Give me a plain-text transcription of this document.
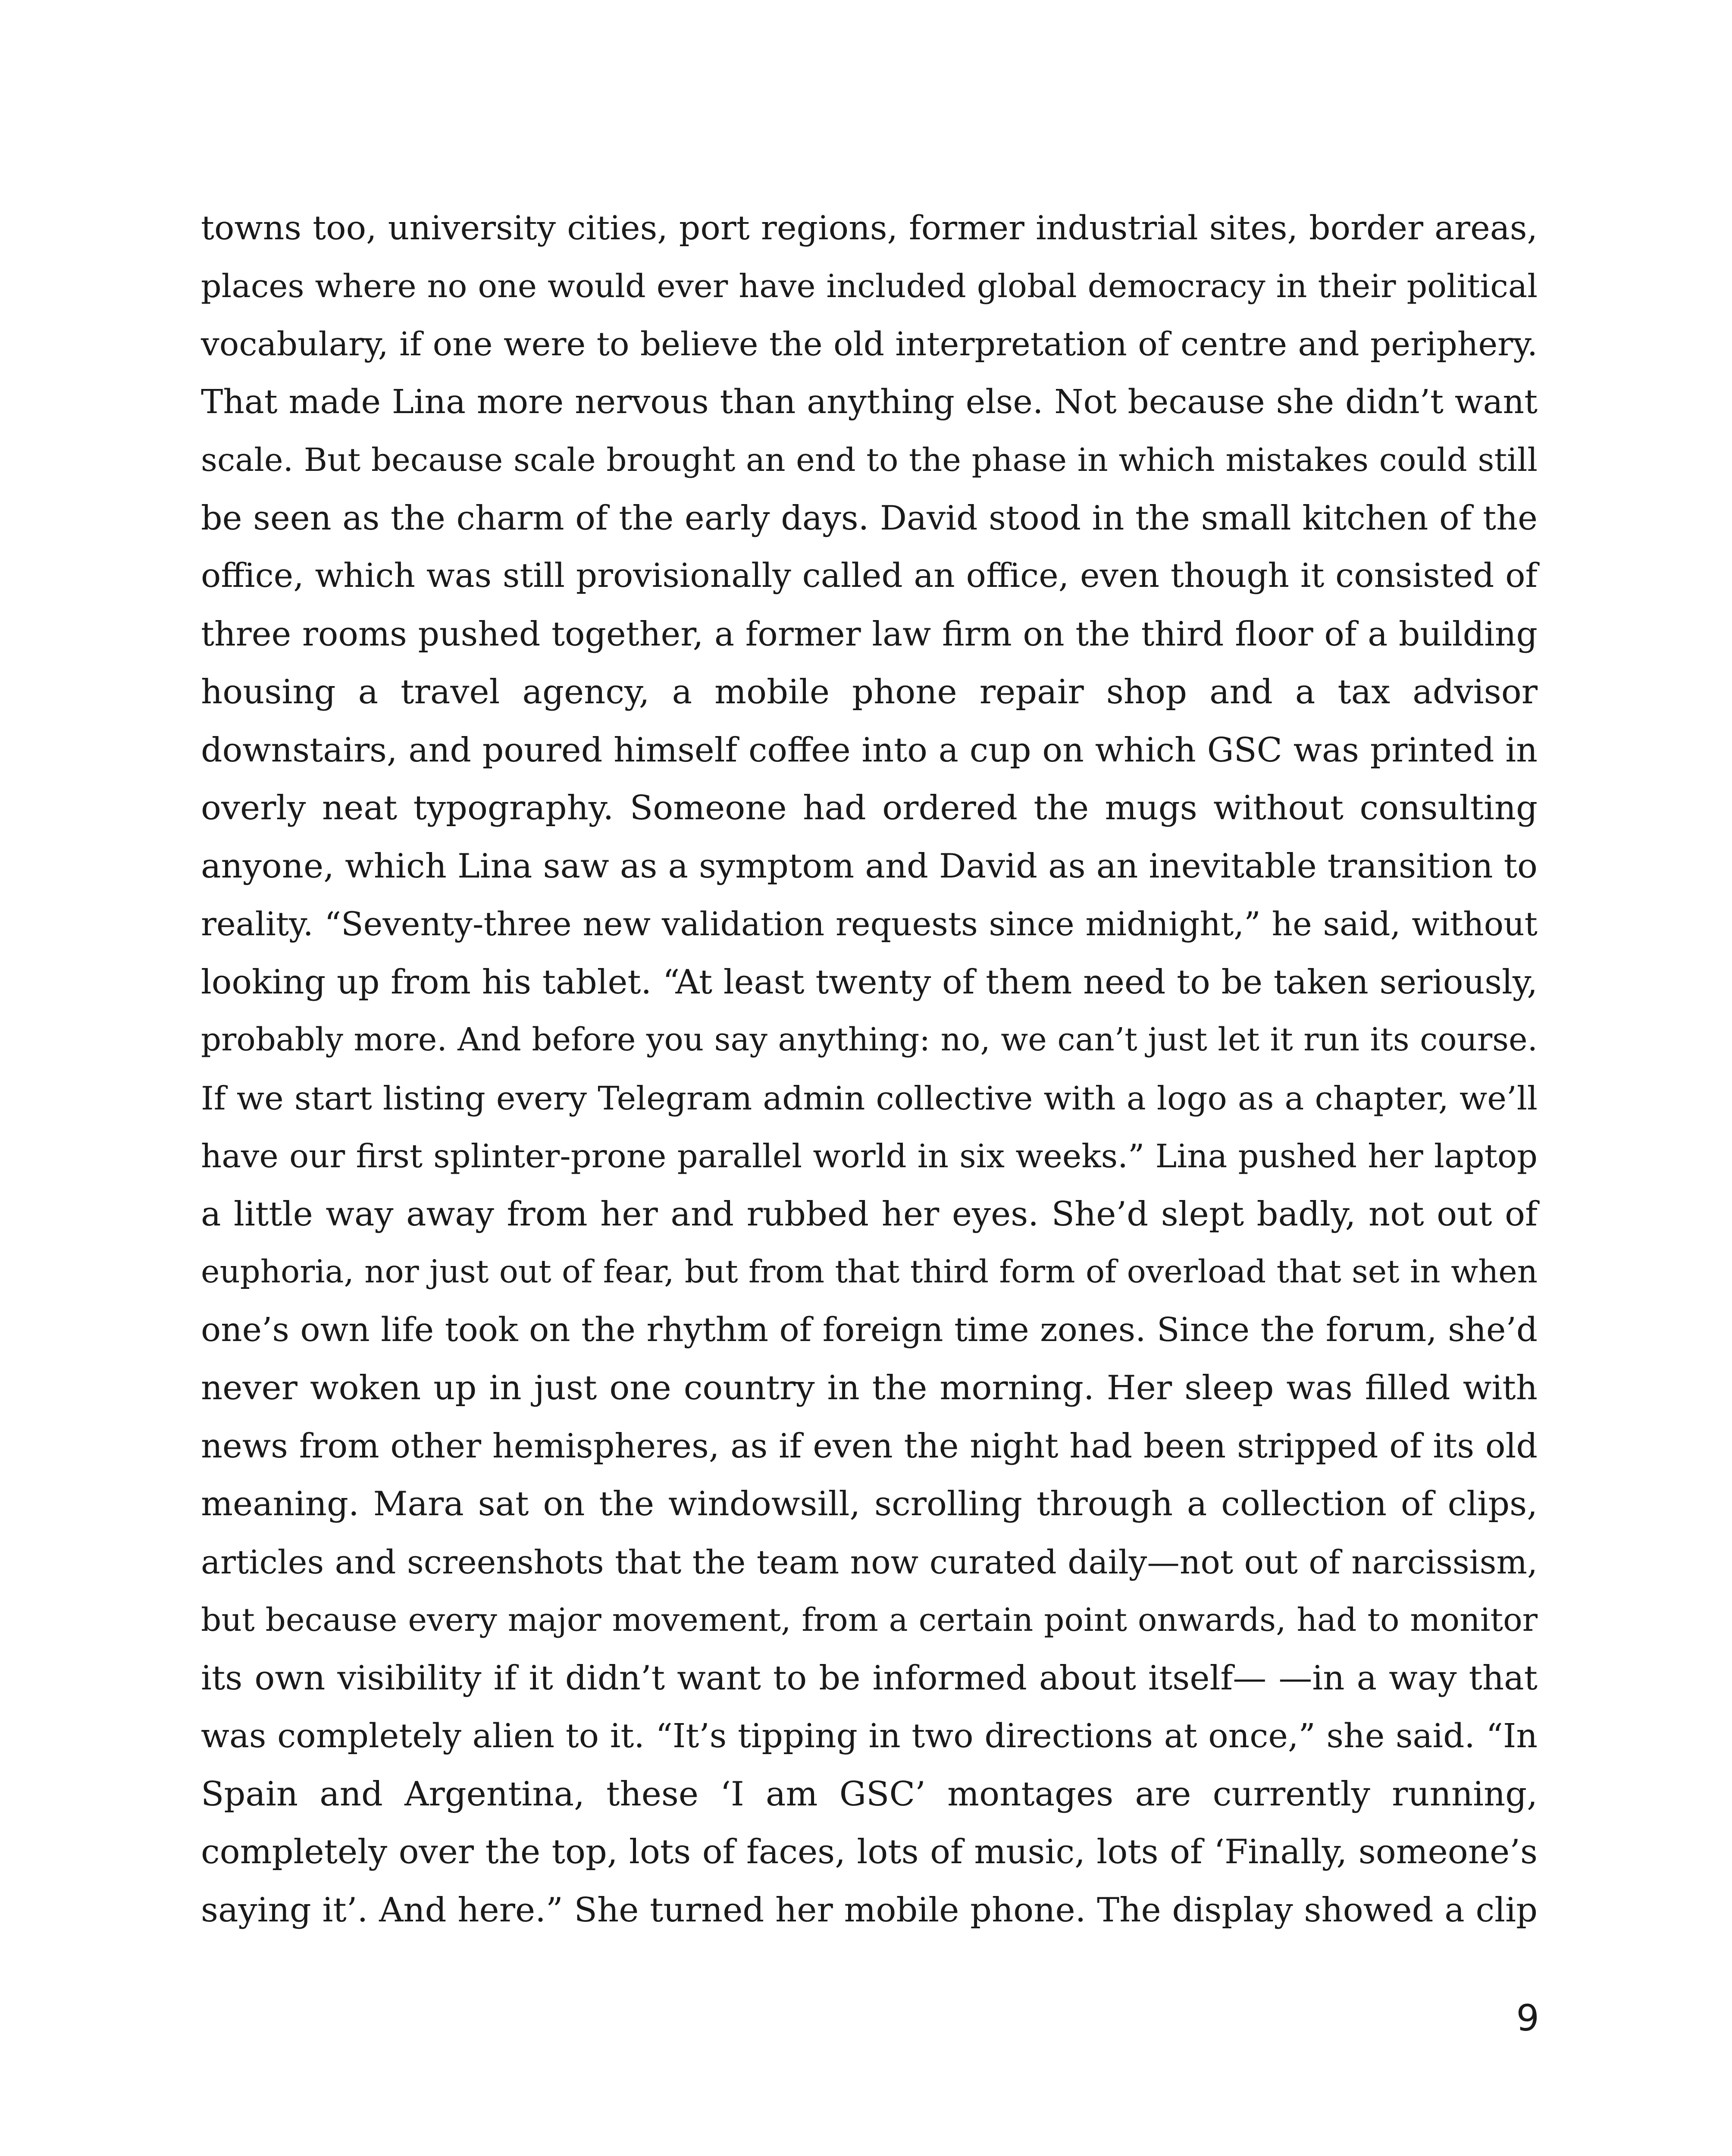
towns too, university cities, port regions, former industrial sites, border areas,
places where no one would ever have included global democracy in their political
vocabulary, if one were to believe the old interpretation of centre and periphery.
That made Lina more nervous than anything else. Not because she didn’t want
scale. But because scale brought an end to the phase in which mistakes could still
be seen as the charm of the early days. David stood in the small kitchen of the
office, which was still provisionally called an office, even though it consisted of
three rooms pushed together, a former law firm on the third floor of a building
housing a travel agency, a mobile phone repair shop and a tax advisor
downstairs, and poured himself coffee into a cup on which GSC was printed in
overly neat typography. Someone had ordered the mugs without consulting
anyone, which Lina saw as a symptom and David as an inevitable transition to
reality. “Seventy-three new validation requests since midnight,” he said, without
looking up from his tablet. “At least twenty of them need to be taken seriously,
probably more. And before you say anything: no, we can’t just let it run its course.
If we start listing every Telegram admin collective with a logo as a chapter, we’ll
have our first splinter-prone parallel world in six weeks.” Lina pushed her laptop
a little way away from her and rubbed her eyes. She’d slept badly, not out of
euphoria, nor just out of fear, but from that third form of overload that set in when
one’s own life took on the rhythm of foreign time zones. Since the forum, she’d
never woken up in just one country in the morning. Her sleep was filled with
news from other hemispheres, as if even the night had been stripped of its old
meaning. Mara sat on the windowsill, scrolling through a collection of clips,
articles and screenshots that the team now curated daily—not out of narcissism,
but because every major movement, from a certain point onwards, had to monitor
its own visibility if it didn’t want to be informed about itself— —in a way that
was completely alien to it. “It’s tipping in two directions at once,” she said. “In
Spain and Argentina, these ‘I am GSC’ montages are currently running,
completely over the top, lots of faces, lots of music, lots of ‘Finally, someone’s
saying it’. And here.” She turned her mobile phone. The display showed a clip
9
